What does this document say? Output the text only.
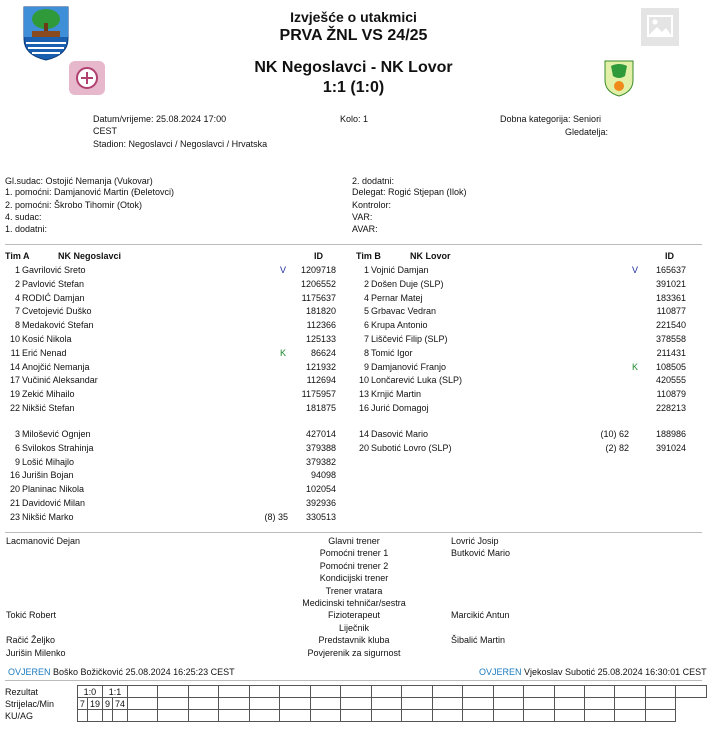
Izvješće o utakmici
PRVA ŽNL VS 24/25
NK Negoslavci - NK Lovor
1:1 (1:0)
Datum/vrijeme: 25.08.2024 17:00
CEST
Stadion: Negoslavci / Negoslavci / Hrvatska
Kolo: 1	Dobna kategorija: Seniori
Gledatelja:
Gl.sudac: Ostojić Nemanja (Vukovar)
1. pomoćni: Damjanović Martin (Đeletovci)
2. pomoćni: Škrobo Tihomir (Otok)
4. sudac:
1. dodatni:
2. dodatni:
Delegat: Rogić Stjepan (Ilok)
Kontrolor:
VAR:
AVAR:
Tim A	NK Negoslavci	ID	Tim B	NK Lovor	ID
1 Gavrilović Sreto	V	1209718
2 Pavlović Stefan	1206552
4 RODIĆ Damjan	1175637
7 Cvetojević Duško	181820
8 Medaković Stefan	112366
10 Kosić Nikola	125133
11 Erić Nenad	K	86624
14 Anojčić Nemanja	121932
17 Vučinić Aleksandar	112694
19 Zekić Mihailo	1175957
22 Nikšić Stefan	181875
3 Milošević Ognjen	427014
6 Svilokos Strahinja	379388
9 Lošić Mihajlo	379382
16 Jurišin Bojan	94098
20 Planinac Nikola	102054
21 Davidović Milan	392936
23 Nikšić Marko	(8) 35	330513
1 Vojnić Damjan	V	165637
2 Došen Duje (SLP)	391021
4 Pernar Matej	183361
5 Grbavac Vedran	110877
6 Krupa Antonio	221540
7 Liščević Filip (SLP)	378558
8 Tomić Igor	211431
9 Damjanović Franjo	K	108505
10 Lončarević Luka (SLP)	420555
13 Krnjić Martin	110879
16 Jurić Domagoj	228213
14 Dasović Mario	(10) 62	188986
20 Subotić Lovro (SLP)	(2) 82	391024
Lacmanović Dejan	Glavni trener	Lovrić Josip
Pomoćni trener 1	Butković Mario
Pomoćni trener 2
Kondicijski trener
Trener vratara
Medicinski tehničar/sestra
Tokić Robert	Fizioterapeut	Marcikić Antun
Liječnik
Račić Željko	Predstavnik kluba	Šibalić Martin
Jurišin Milenko	Povjerenik za sigurnost
OVJEREN Boško Božičković 25.08.2024 16:25:23 CEST	OVJEREN Vjekoslav Subotić 25.08.2024 16:30:01 CEST
Rezultat	1:0		1:1																				
Strijelac/Min	7	19	9	74																			
KU/AG																							
